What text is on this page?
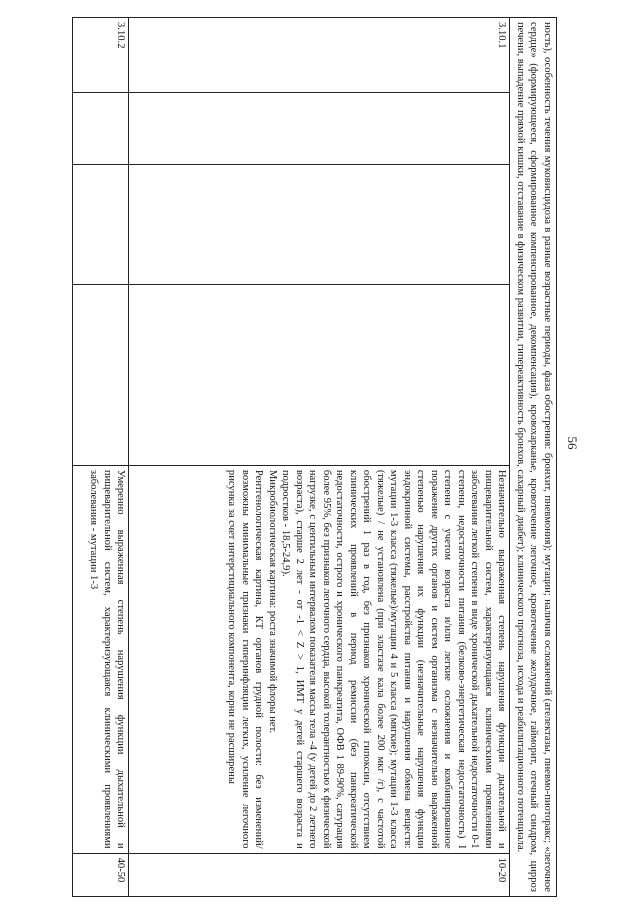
56

ность), особенность течения муковисцидоза в разные возрастные периоды, фаза обострения: бронхит, пневмония); мутации; наличия осложнений (ателектазы, пневмо-пиоторакс; «легочное сердце» (формирующееся, сформированное компенсированное, декомпенсация), кровохарканье, кровотечение легочное, кровотечение желудочное, гайморит, отечный синдром, цирроз печени, выпадение прямой кишки, отставание в физическом развитии, гипереактивность бронхов, сахарный диабет); клинического прогноза, исхода и реабилитационного потенциала.					

3.10.1				Незначительно выраженная степень нарушения функции дыхательной и пищеварительной систем, характеризующаяся клиническими проявлениями заболевания легкой степени в виде хронической дыхательной недостаточности 0-1 степени, недостаточности питания (белково-энергетическая недостаточность) I степени с учетом возраста и/или легкие осложнения и комбинированное поражение других органов и систем организма с незначительно выраженной степенью нарушения их функции (незначительные нарушения функции эндокринной системы, расстройства питания и нарушения обмена веществ: мутации 1-3 класса (тяжелые)/мутации 4 и 5 класса (мягкие); мутации 1-3 класса (тяжелые) / не установлена (при эластазе кала более 200 мкг /г), с частотой обострений 1 раз в год, без признаков хронической гипоксии, отсутствием клинических проявлений в период ремиссии (без панкреатической недостаточности, острого и хронического панкреатита, ОФВ 1 89-90%, сатурация более 95%, без признаков легочного сердца, высокой толерантностью к физической нагрузке, с центильным интервалом показателя массы тела -4 (у детей до 2 летнего возраста), старше 2 лет - от -1 < Z > 1, ИМТ у детей старшего возраста и подростков - 18,5-24,9).

Микробиологическая картина: роста значимой флоры нет.

Рентгенологическая картина, КТ органов грудной полости: без изменений/возможны минимальные признаки гиперинфляции легких, усиление легочного рисунка за счет интерстициального компонента, корни не расширены	10-20
3.10.2				Умеренно выраженная степень нарушения функции дыхательной и пищеварительной систем, характеризующаяся клиническими проявлениями заболевания - мутации 1-3	40-50
